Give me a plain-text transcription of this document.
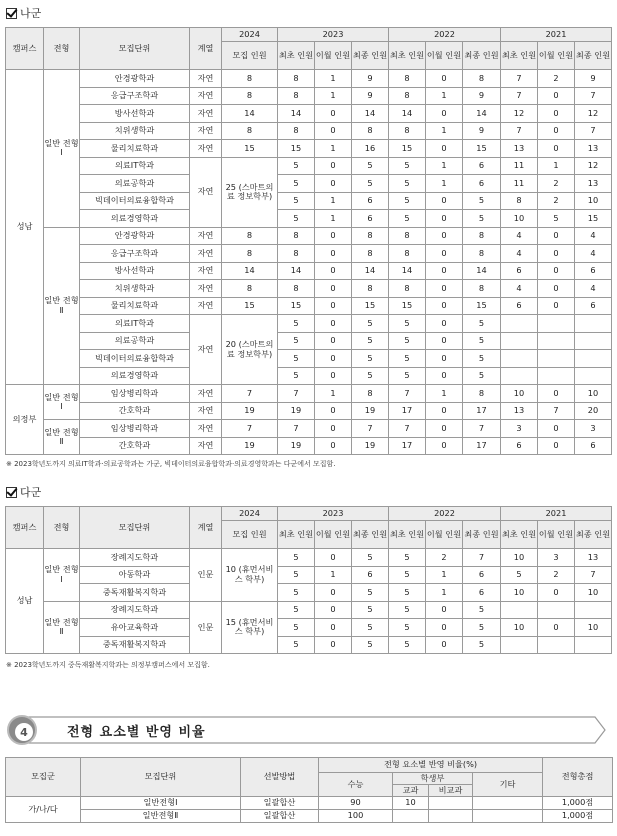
나군
캠퍼스	전형	모집단위	계열	2024	2023			2022			2021		
				모집 인원	최초 인원	이월 인원	최종 인원	최초 인원	이월 인원	최종 인원	최초 인원	이월 인원	최종 인원
성남	일반 전형Ⅰ	안경광학과	자연	8	8	1	9	8	0	8	7	2	9
		응급구조학과	자연	8	8	1	9	8	1	9	7	0	7
		방사선학과	자연	14	14	0	14	14	0	14	12	0	12
		치위생학과	자연	8	8	0	8	8	1	9	7	0	7
		물리치료학과	자연	15	15	1	16	15	0	15	13	0	13
		의료IT학과	자연	25 (스마트의료 정보학부)	5	0	5	5	1	6	11	1	12
		의료공학과			5	0	5	5	1	6	11	2	13
		빅데이터의료융합학과			5	1	6	5	0	5	8	2	10
		의료경영학과			5	1	6	5	0	5	10	5	15
	일반 전형Ⅱ	안경광학과	자연	8	8	0	8	8	0	8	4	0	4
		응급구조학과	자연	8	8	0	8	8	0	8	4	0	4
		방사선학과	자연	14	14	0	14	14	0	14	6	0	6
		치위생학과	자연	8	8	0	8	8	0	8	4	0	4
		물리치료학과	자연	15	15	0	15	15	0	15	6	0	6
		의료IT학과	자연	20 (스마트의료 정보학부)	5	0	5	5	0	5			
		의료공학과			5	0	5	5	0	5			
		빅데이터의료융합학과			5	0	5	5	0	5			
		의료경영학과			5	0	5	5	0	5			
의정부	일반 전형Ⅰ	임상병리학과	자연	7	7	1	8	7	1	8	10	0	10
		간호학과	자연	19	19	0	19	17	0	17	13	7	20
	일반 전형Ⅱ	임상병리학과	자연	7	7	0	7	7	0	7	3	0	3
		간호학과	자연	19	19	0	19	17	0	17	6	0	6
※ 2023학년도까지 의료IT학과·의료공학과는 가군, 빅데이터의료융합학과·의료경영학과는 다군에서 모집함.
다군
캠퍼스	전형	모집단위	계열	2024	2023			2022			2021		
				모집 인원	최초 인원	이월 인원	최종 인원	최초 인원	이월 인원	최종 인원	최초 인원	이월 인원	최종 인원
성남	일반 전형Ⅰ	장례지도학과	인문	10 (휴먼서비스 학부)	5	0	5	5	2	7	10	3	13
		아동학과			5	1	6	5	1	6	5	2	7
		중독재활복지학과			5	0	5	5	1	6	10	0	10
	일반 전형Ⅱ	장례지도학과	인문	15 (휴먼서비스 학부)	5	0	5	5	0	5			
		유아교육학과			5	0	5	5	0	5	10	0	10
		중독재활복지학과			5	0	5	5	0	5			
※ 2023학년도까지 중독재활복지학과는 의정부캠퍼스에서 모집함.
4	전형 요소별 반영 비율
모집군	모집단위	선발방법	전형 요소별 반영 비율(%)				전형총점
			수능	학생부		기타	
				교과	비교과		
가/나/다	일반전형Ⅰ	일괄합산	90	10			1,000점
	일반전형Ⅱ	일괄합산	100				1,000점
